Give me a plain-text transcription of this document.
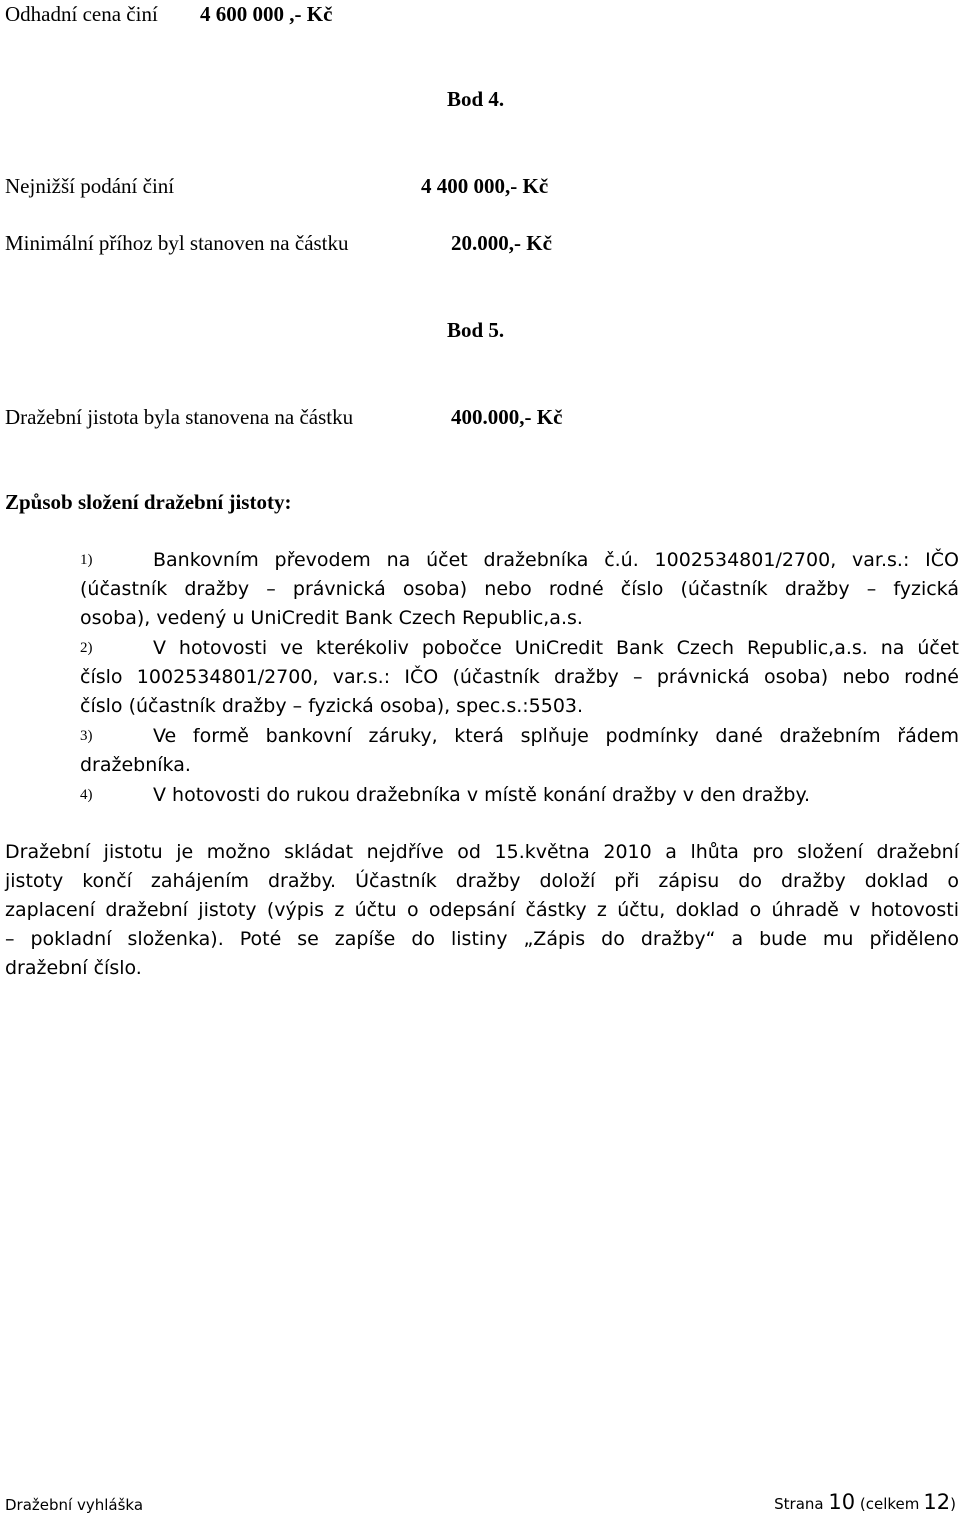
Odhadní cena činí 4 600 000 ,- Kč
Bod 4.
Nejnižší podání činí	4 400 000,- Kč
Minimální příhoz byl stanoven na částku	20.000,- Kč
Bod 5.
Dražební jistota byla stanovena na částku	400.000,- Kč
Způsob složení dražební jistoty:
1)	Bankovním převodem na účet dražebníka č.ú. 1002534801/2700, var.s.: IČO
(účastník dražby – právnická osoba) nebo rodné číslo (účastník dražby – fyzická
osoba), vedený u UniCredit Bank Czech Republic,a.s.
2)	V hotovosti ve kterékoliv pobočce UniCredit Bank Czech Republic,a.s. na účet
číslo 1002534801/2700, var.s.: IČO (účastník dražby – právnická osoba) nebo rodné
číslo (účastník dražby – fyzická osoba), spec.s.:5503.
3)	Ve formě bankovní záruky, která splňuje podmínky dané dražebním řádem
dražebníka.
4)	V hotovosti do rukou dražebníka v místě konání dražby v den dražby.
Dražební jistotu je možno skládat nejdříve od 15.května 2010 a lhůta pro složení dražební
jistoty končí zahájením dražby. Účastník dražby doloží při zápisu do dražby doklad o
zaplacení dražební jistoty (výpis z účtu o odepsání částky z účtu, doklad o úhradě v hotovosti
– pokladní složenka). Poté se zapíše do listiny „Zápis do dražby“ a bude mu přiděleno
dražební číslo.
Dražební vyhláška	Strana 10 (celkem 12)
